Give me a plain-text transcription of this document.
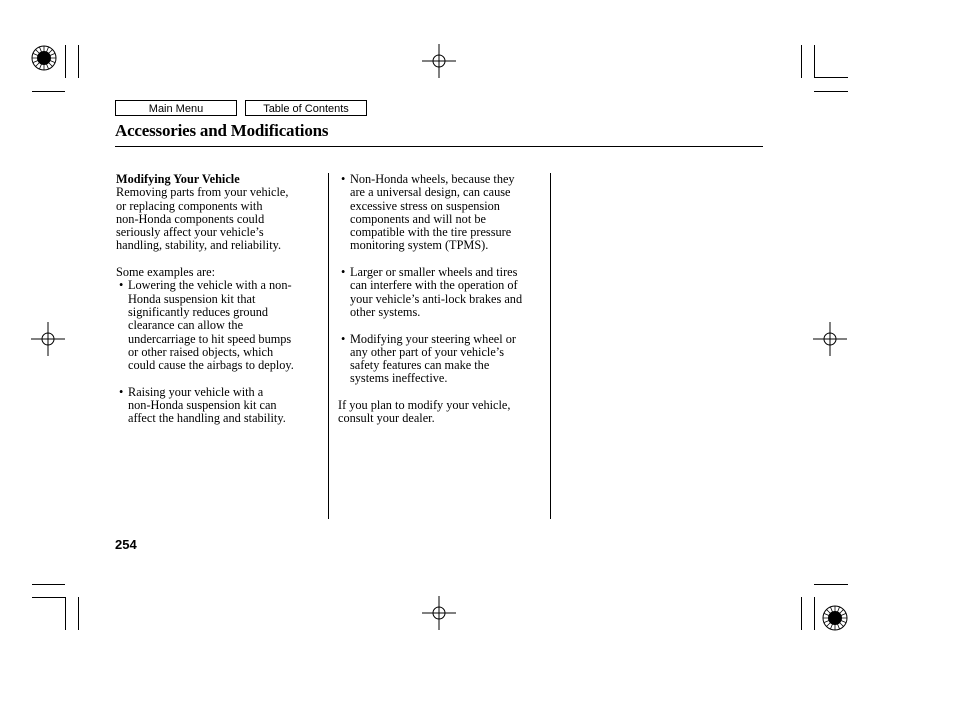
Main Menu	Table of Contents
Accessories and Modifications

Modifying Your Vehicle

Removing parts from your vehicle,

or replacing components with

non-Honda components could

seriously affect your vehicle’s

handling, stability, and reliability.

Some examples are:

• Lowering the vehicle with a non-

Honda suspension kit that

significantly reduces ground

clearance can allow the

undercarriage to hit speed bumps

or other raised objects, which

could cause the airbags to deploy.

• Raising your vehicle with a

non-Honda suspension kit can

affect the handling and stability.

• Non-Honda wheels, because they

are a universal design, can cause

excessive stress on suspension

components and will not be

compatible with the tire pressure

monitoring system (TPMS).

• Larger or smaller wheels and tires

can interfere with the operation of

your vehicle’s anti-lock brakes and

other systems.

• Modifying your steering wheel or

any other part of your vehicle’s

safety features can make the

systems ineffective.

If you plan to modify your vehicle,

consult your dealer.

254
